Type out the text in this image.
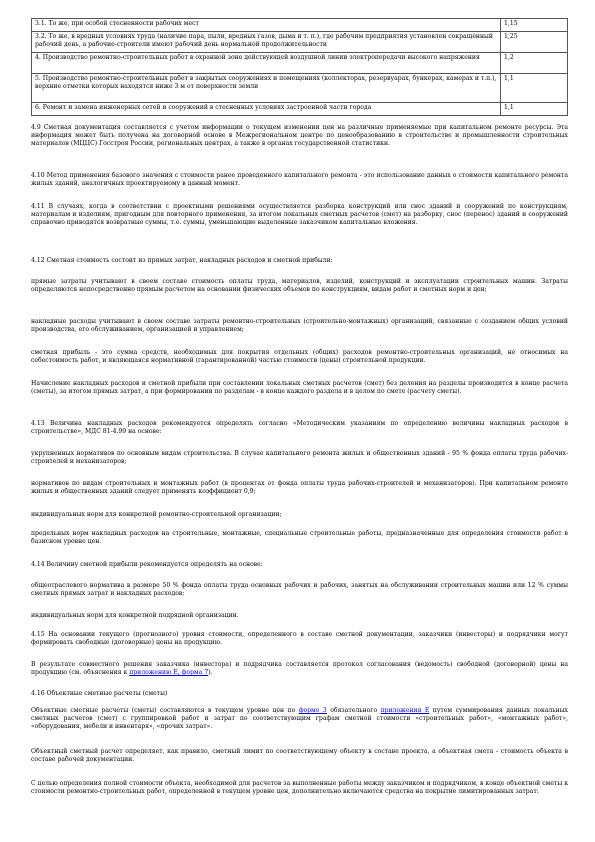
3.1. То же, при особой стесненности рабочих мест	1,15
3.2. То же, в вредных условиях труда (наличие пара, пыли, вредных газов, дыма и т. п.), где рабочим предприятия установлен сокращенный рабочий день, а рабочие-строители имеют рабочий день нормальной продолжительности	1,25
4. Производство ремонтно-строительных работ в охранной зоне действующей воздушной линии электропередачи высокого напряжения	1,2
5. Производство ремонтно-строительных работ в закрытых сооружениях и помещениях (коллекторах, резервуарах, бункерах, камерах и т.п.), верхние отметки которых находятся ниже 3 м от поверхности земли	1,1
6. Ремонт и замена инженерных сетей и сооружений в стесненных условиях застроенной части города	1,1

4.9 Сметная документация составляется с учетом информации о текущем изменении цен на различные применяемые при капитальном ремонте ресурсы. Эта информация может быть получена на договорной основе в Межрегиональном центре по ценообразованию в строительстве и промышленности строительных материалов (МЦЦС) Госстроя России, региональных центрах, а также в органах государственной статистики.

4.10 Метод применения базового значения с стоимости ранее проведенного капитального ремонта - это использование данных о стоимости капитального ремонта жилых зданий, аналогичных проектируемому в данный момент.

4.11 В случаях, когда в соответствии с проектными решениями осуществляется разборка конструкций или снос зданий и сооружений по конструкциям, материалам и изделиям, пригодным для повторного применения, за итогом локальных сметных расчетов (смет) на разборку, снос (перенос) зданий и сооружений справочно приводятся возвратные суммы, т.е. суммы, уменьшающие выделенные заказчиком капитальные вложения.

4.12 Сметная стоимость состоит из прямых затрат, накладных расходов и сметной прибыли:

прямые затраты учитывают в своем составе стоимость оплаты труда, материалов, изделий, конструкций и эксплуатации строительных машин. Затраты определяются непосредственно прямым расчетом на основании физических объемов по конструкциям, видам работ и сметных норм и цен;

накладные расходы учитывают в своем составе затраты ремонтно-строительных (строительно-монтажных) организаций, связанные с созданием общих условий производства, его обслуживанием, организацией и управлением;

сметная прибыль - это сумма средств, необходимых для покрытия отдельных (общих) расходов ремонтно-строительных организаций, не относимых на себестоимость работ, и являющаяся нормативной (гарантированной) частью стоимости (цены) строительной продукции.

Начисление накладных расходов и сметной прибыли при составлении локальных сметных расчетов (смет) без деления на разделы производится в конце расчета (сметы), за итогом прямых затрат, а при формировании по разделам - в конце каждого раздела и в целом по смете (расчету сметы).

4.13 Величина накладных расходов рекомендуется определять согласно «Методическим указаниям по определению величины накладных расходов в строительстве», МДС 81-4.99 на основе:

укрупненных нормативов по основным видам строительства. В случае капитального ремонта жилых и общественных зданий - 95 % фонда оплаты труда рабочих-строителей и механизаторов;

нормативов по видам строительных и монтажных работ (в процентах от фонда оплаты труда рабочих-строителей и механизаторов). При капитальном ремонте жилых и общественных зданий следует применять коэффициент 0,9;

индивидуальных норм для конкретной ремонтно-строительной организации;

предельных норм накладных расходов на строительные, монтажные, специальные строительные работы, предназначенные для определения стоимости работ в базисном уровне цен.

4.14 Величину сметной прибыли рекомендуется определять на основе:

общеотраслевого норматива в размере 50 % фонда оплаты труда основных рабочих и рабочих, занятых на обслуживании строительных машин или 12 % суммы сметных прямых затрат и накладных расходов;

индивидуальных норм для конкретной подрядной организации.

4.15 На основании текущего (прогнозного) уровня стоимости, определенного в составе сметной документации, заказчики (инвесторы) и подрядчики могут формировать свободные (договорные) цены на продукцию.

В результате совместного решения заказчика (инвестора) и подрядчика составляется протокол согласования (ведомость) свободной (договорной) цены на продукцию (см. объяснения к приложению Е, форма 7).

4.16 Объектные сметные расчеты (сметы)

Объектные сметные расчеты (сметы) составляются в текущем уровне цен по форме 3 обязательного приложения Е путем суммирования данных локальных сметных расчетов (смет) с группировкой работ и затрат по соответствующим графам сметной стоимости «строительных работ», «монтажных работ», «оборудования, мебели и инвентаря», «прочих затрат».

Объектный сметный расчет определяет, как правило, сметный лимит по соответствующему объекту в составе проекта, а объектная смета - стоимость объекта в составе рабочей документации.

С целью определения полной стоимости объекта, необходимой для расчетов за выполненные работы между заказчиком и подрядчиком, в конце объектной сметы к стоимости ремонтно-строительных работ, определенной в текущем уровне цен, дополнительно включаются средства на покрытие лимитированных затрат:
